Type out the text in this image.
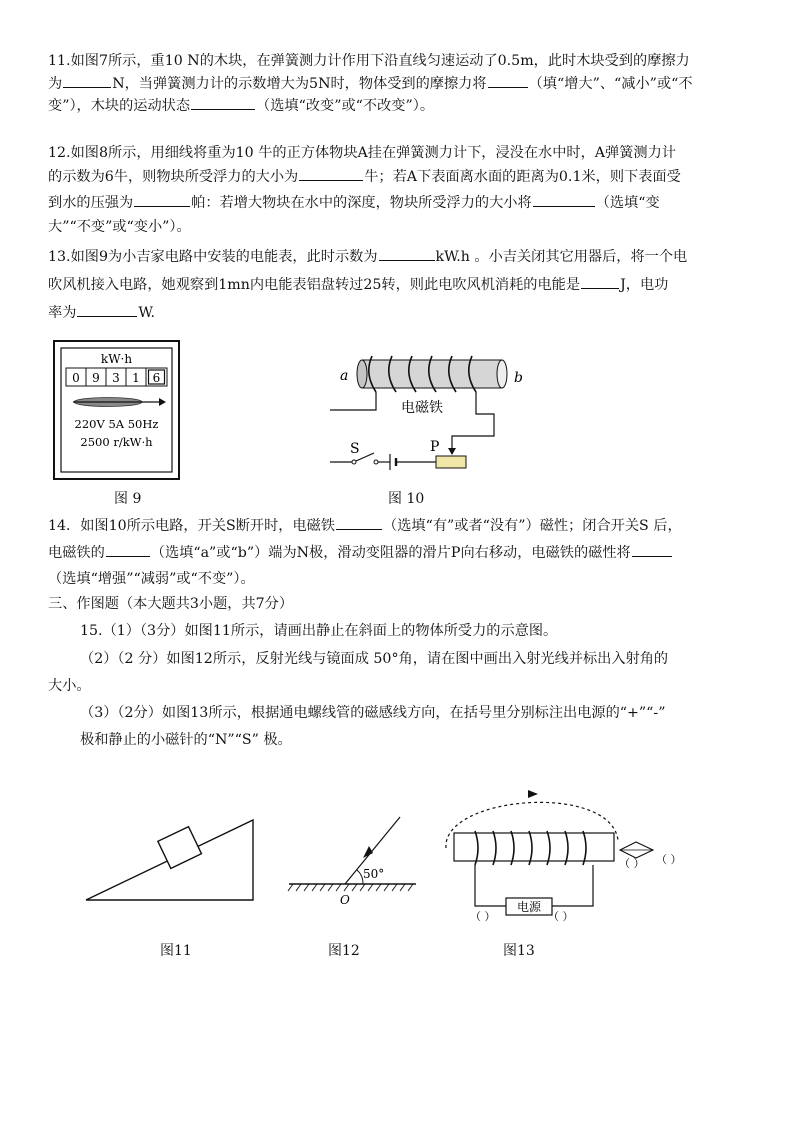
11.如图7所示，重10 N的木块，在弹簧测力计作用下沿直线匀速运动了0.5m，此时木块受到的摩擦力
为	N，当弹簧测力计的示数增大为5N时，物体受到的摩擦力将	（填“增大”、“减小”或“不
变”），木块的运动状态	（选填“改变”或“不改变”）。
12.如图8所示，用细线将重为10 牛的正方体物块A挂在弹簧测力计下，浸没在水中时，A弹簧测力计
的示数为6牛，则物块所受浮力的大小为	牛；若A下表面离水面的距离为0.1米，则下表面受
到水的压强为	帕：若增大物块在水中的深度，物块所受浮力的大小将	（选填“变
大”“不变”或“变小”）。
13.如图9为小吉家电路中安装的电能表，此时示数为	kW.h 。小吉关闭其它用器后，将一个电
吹风机接入电路，她观察到1mn内电能表铝盘转过25转，则此电吹风机消耗的电能是	J，电功
率为	W.
kW·h
0 9 3 1 6
220V 5A 50Hz
2500 r/kW·h
a	b
电磁铁
S	P
图 9	图 10
14．如图10所示电路，开关S断开时，电磁铁	（选填“有”或者“没有”）磁性；闭合开关S 后，
电磁铁的	（选填“a”或“b”）端为N极，滑动变阻器的滑片P向右移动，电磁铁的磁性将
（选填“增强”“减弱”或“不变”）。
三、作图题（本大题共3小题，共7分）
15.（1）（3分）如图11所示，请画出静止在斜面上的物体所受力的示意图。
（2）（2 分）如图12所示，反射光线与镜面成 50°角，请在图中画出入射光线并标出入射角的
大小。
（3）（2分）如图13所示，根据通电螺线管的磁感线方向，在括号里分别标注出电源的“+”“-”
极和静止的小磁针的“N”“S” 极。
50°
O	电源
（ ）	（ ）
（ ） （ ）
图11	图12	图13
